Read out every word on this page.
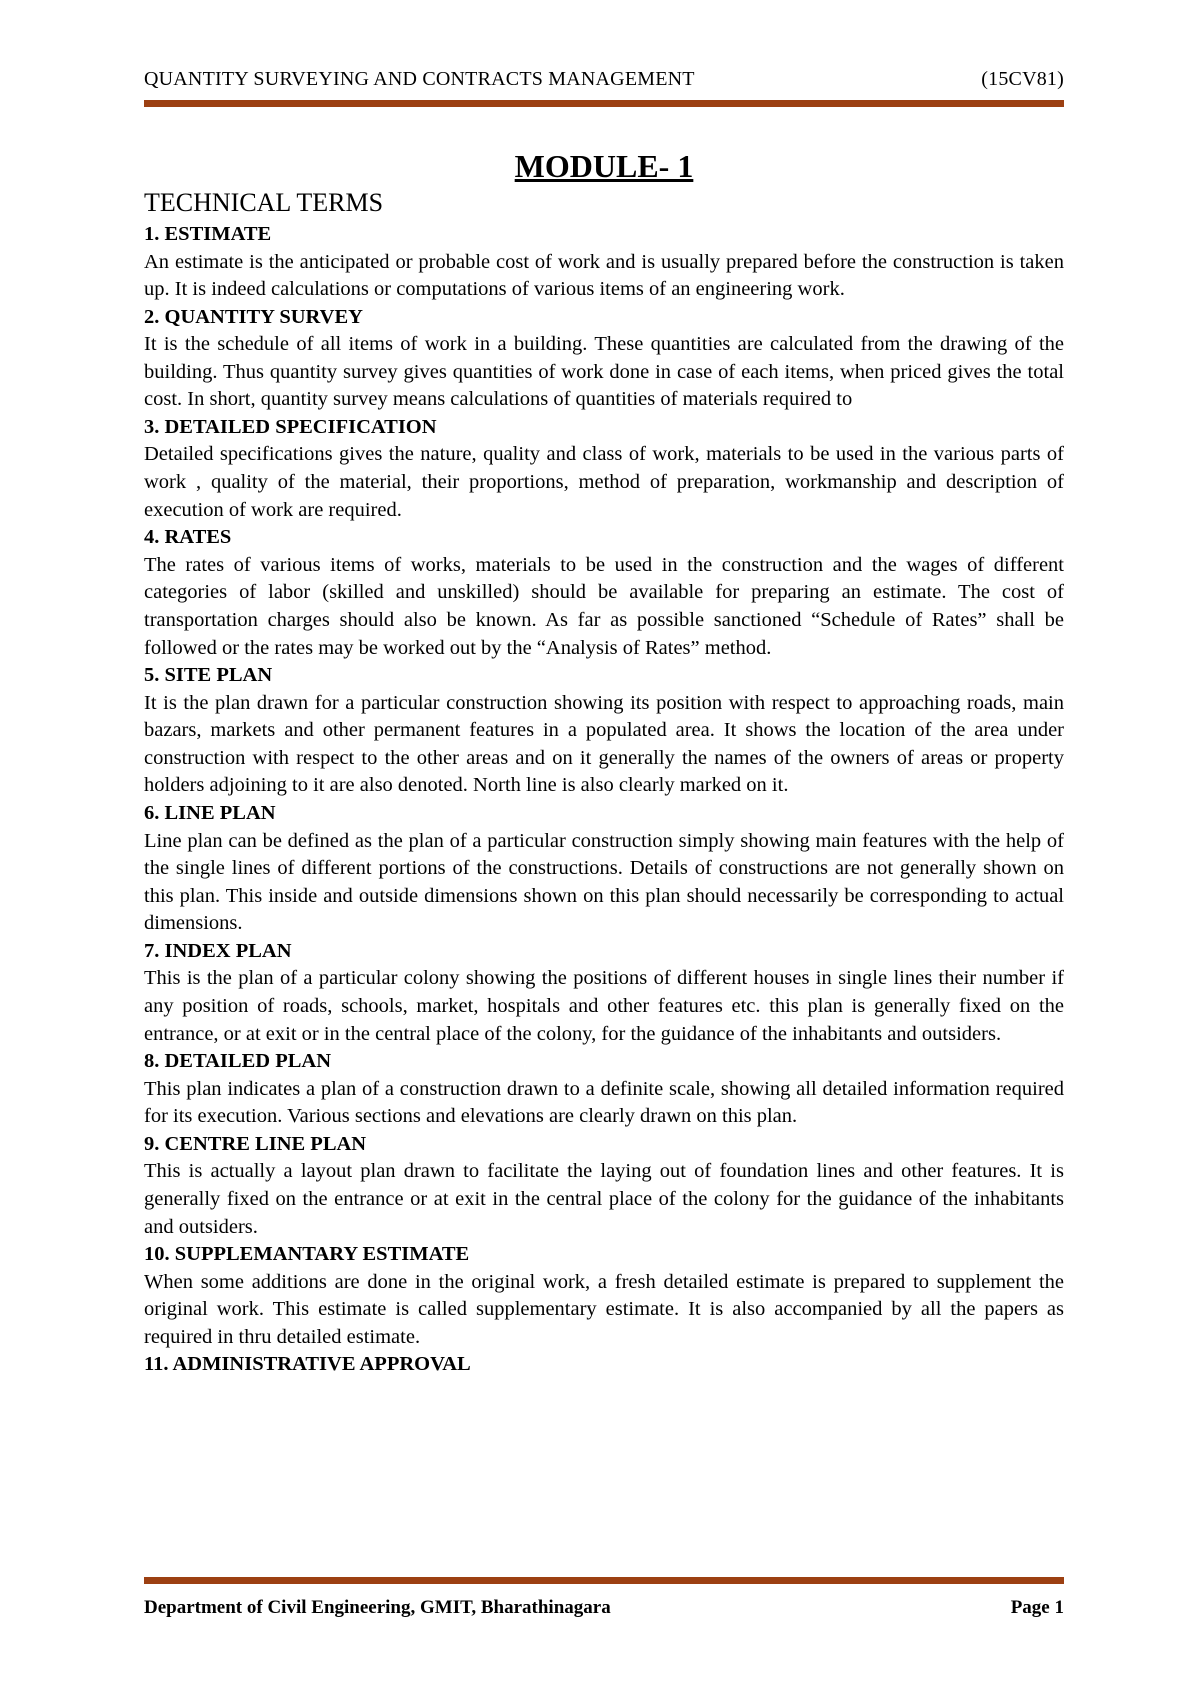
QUANTITY SURVEYING AND CONTRACTS MANAGEMENT	(15CV81)
MODULE- 1
TECHNICAL TERMS
1. ESTIMATE

An estimate is the anticipated or probable cost of work and is usually prepared before the construction is taken up. It is indeed calculations or computations of various items of an engineering work.

2. QUANTITY SURVEY

It is the schedule of all items of work in a building. These quantities are calculated from the drawing of the building. Thus quantity survey gives quantities of work done in case of each items, when priced gives the total cost. In short, quantity survey means calculations of quantities of materials required to

3. DETAILED SPECIFICATION

Detailed specifications gives the nature, quality and class of work, materials to be used in the various parts of work , quality of the material, their proportions, method of preparation, workmanship and description of execution of work are required.

4. RATES

The rates of various items of works, materials to be used in the construction and the wages of different categories of labor (skilled and unskilled) should be available for preparing an estimate. The cost of transportation charges should also be known. As far as possible sanctioned “Schedule of Rates” shall be followed or the rates may be worked out by the “Analysis of Rates” method.

5. SITE PLAN

It is the plan drawn for a particular construction showing its position with respect to approaching roads, main bazars, markets and other permanent features in a populated area. It shows the location of the area under construction with respect to the other areas and on it generally the names of the owners of areas or property holders adjoining to it are also denoted. North line is also clearly marked on it.

6. LINE PLAN

Line plan can be defined as the plan of a particular construction simply showing main features with the help of the single lines of different portions of the constructions. Details of constructions are not generally shown on this plan. This inside and outside dimensions shown on this plan should necessarily be corresponding to actual dimensions.

7. INDEX PLAN

This is the plan of a particular colony showing the positions of different houses in single lines their number if any position of roads, schools, market, hospitals and other features etc. this plan is generally fixed on the entrance, or at exit or in the central place of the colony, for the guidance of the inhabitants and outsiders.

8. DETAILED PLAN

This plan indicates a plan of a construction drawn to a definite scale, showing all detailed information required for its execution. Various sections and elevations are clearly drawn on this plan.

9. CENTRE LINE PLAN

This is actually a layout plan drawn to facilitate the laying out of foundation lines and other features. It is generally fixed on the entrance or at exit in the central place of the colony for the guidance of the inhabitants and outsiders.

10. SUPPLEMANTARY ESTIMATE

When some additions are done in the original work, a fresh detailed estimate is prepared to supplement the original work. This estimate is called supplementary estimate. It is also accompanied by all the papers as required in thru detailed estimate.

11. ADMINISTRATIVE APPROVAL
Department of Civil Engineering, GMIT, Bharathinagara	Page 1
